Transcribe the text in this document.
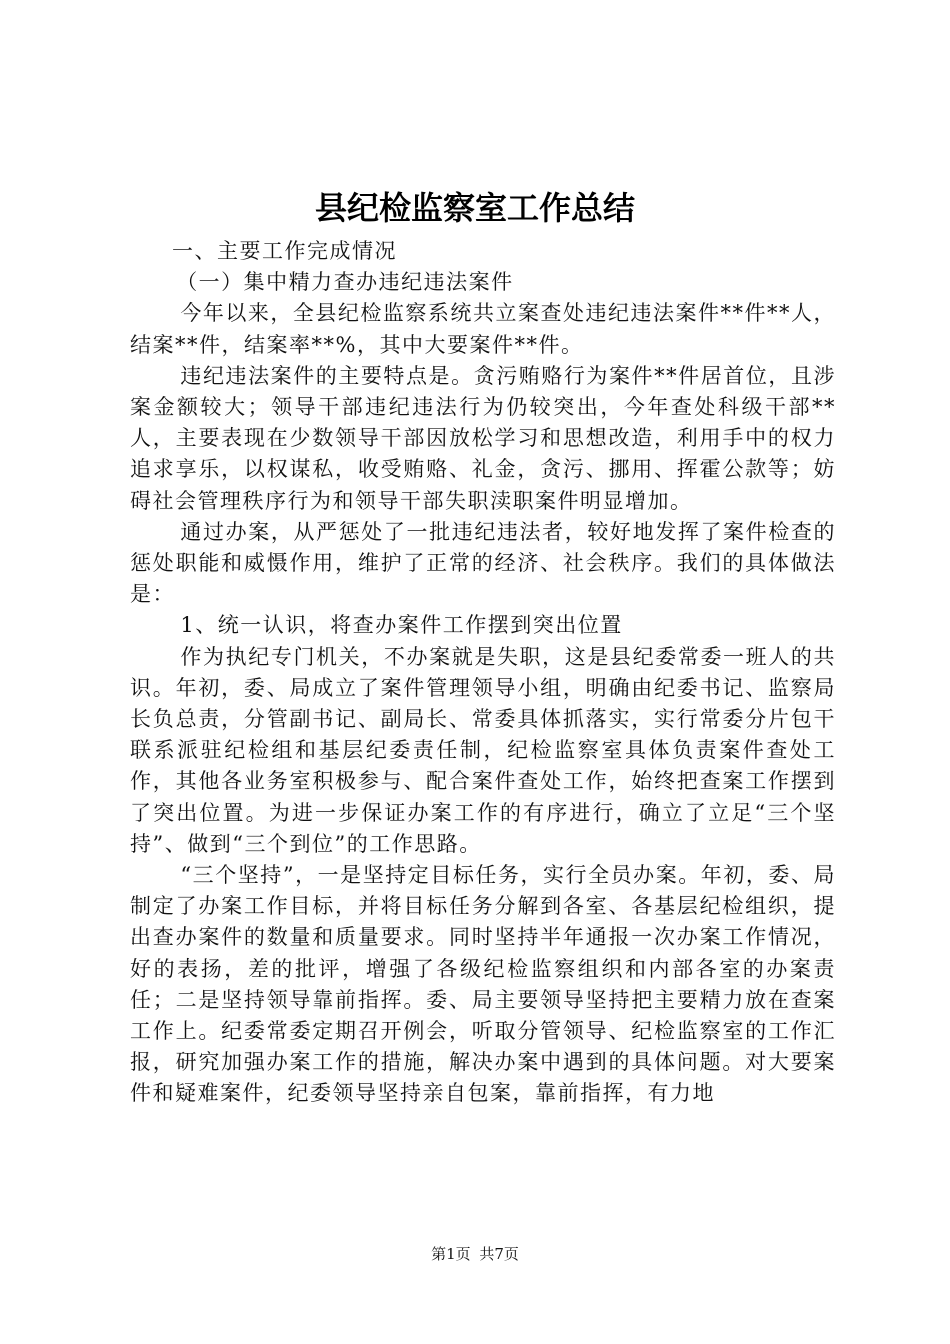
县纪检监察室工作总结

一、主要工作完成情况

（一）集中精力查办违纪违法案件

今年以来，全县纪检监察系统共立案查处违纪违法案件**件**人，结案**件，结案率**%，其中大要案件**件。

违纪违法案件的主要特点是。贪污贿赂行为案件**件居首位，且涉案金额较大；领导干部违纪违法行为仍较突出，今年查处科级干部**人，主要表现在少数领导干部因放松学习和思想改造，利用手中的权力追求享乐，以权谋私，收受贿赂、礼金，贪污、挪用、挥霍公款等；妨碍社会管理秩序行为和领导干部失职渎职案件明显增加。

通过办案，从严惩处了一批违纪违法者，较好地发挥了案件检查的惩处职能和威慑作用，维护了正常的经济、社会秩序。我们的具体做法是：

1、统一认识，将查办案件工作摆到突出位置

作为执纪专门机关，不办案就是失职，这是县纪委常委一班人的共识。年初，委、局成立了案件管理领导小组，明确由纪委书记、监察局长负总责，分管副书记、副局长、常委具体抓落实，实行常委分片包干联系派驻纪检组和基层纪委责任制，纪检监察室具体负责案件查处工作，其他各业务室积极参与、配合案件查处工作，始终把查案工作摆到了突出位置。为进一步保证办案工作的有序进行，确立了立足“三个坚持”、做到“三个到位”的工作思路。

“三个坚持”，一是坚持定目标任务，实行全员办案。年初，委、局制定了办案工作目标，并将目标任务分解到各室、各基层纪检组织，提出查办案件的数量和质量要求。同时坚持半年通报一次办案工作情况，好的表扬，差的批评，增强了各级纪检监察组织和内部各室的办案责任；二是坚持领导靠前指挥。委、局主要领导坚持把主要精力放在查案工作上。纪委常委定期召开例会，听取分管领导、纪检监察室的工作汇报，研究加强办案工作的措施，解决办案中遇到的具体问题。对大要案件和疑难案件，纪委领导坚持亲自包案，靠前指挥，有力地

第1页 共7页
